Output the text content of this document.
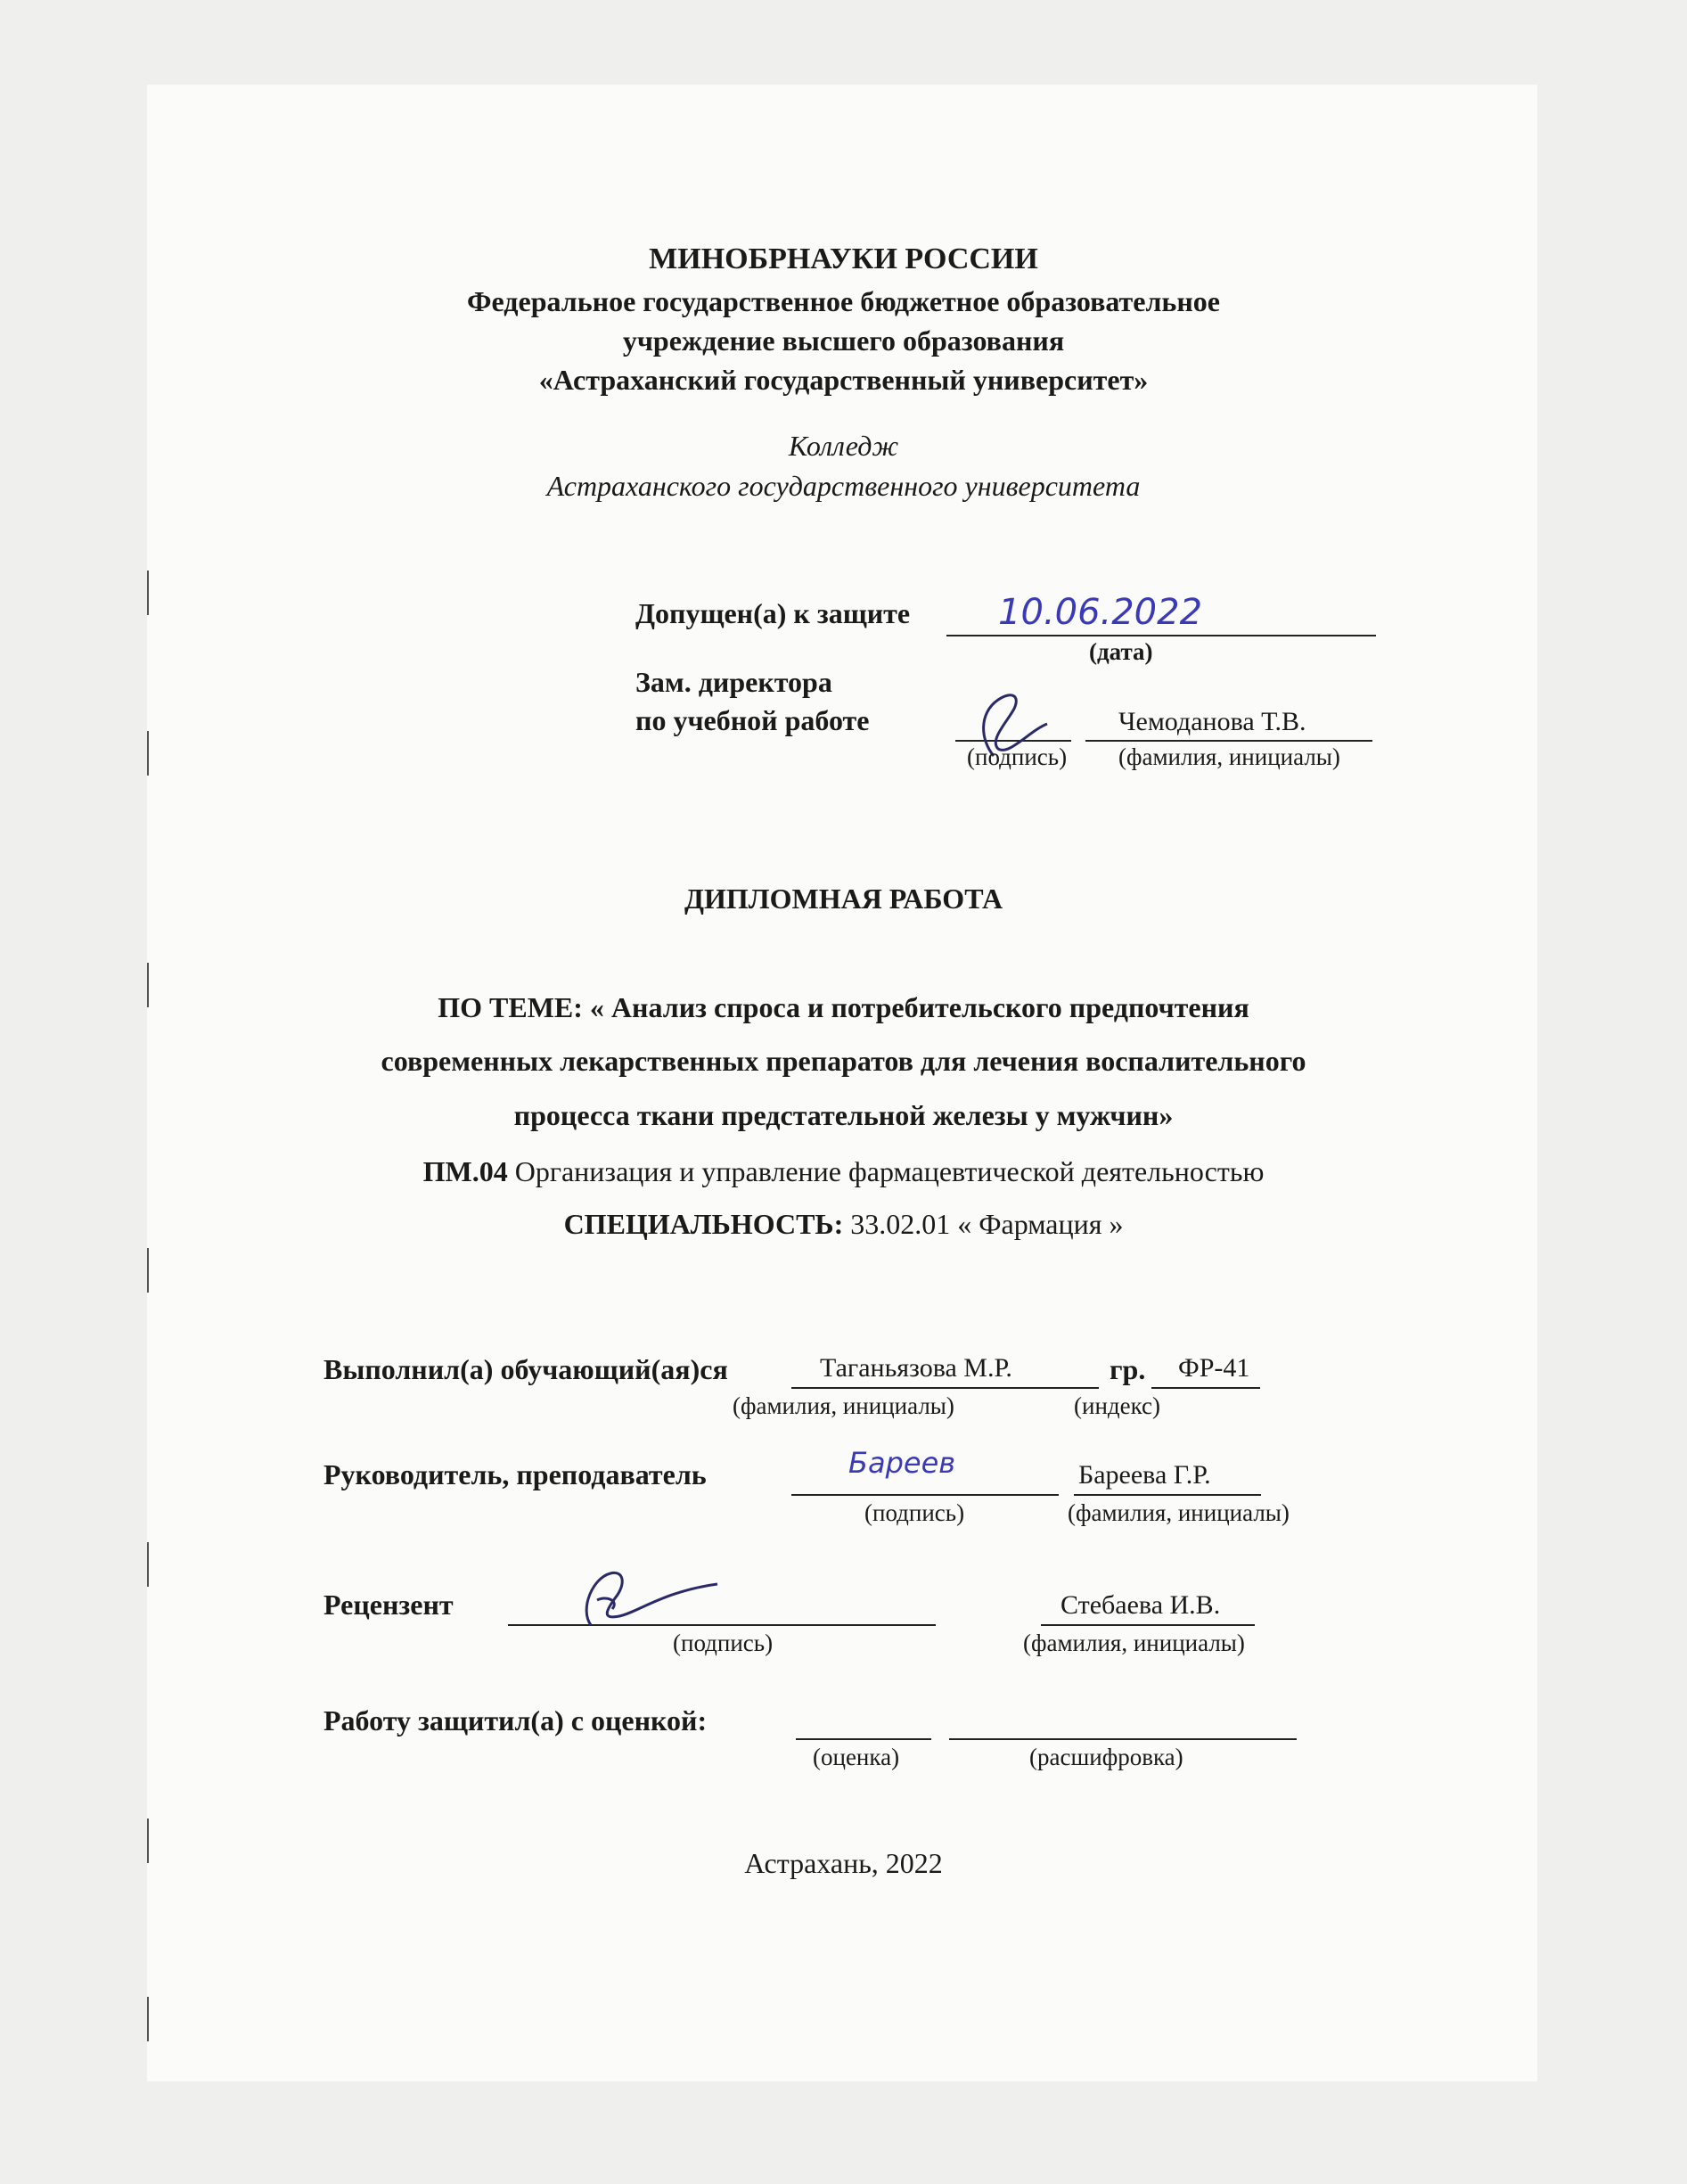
МИНОБРНАУКИ РОССИИ
Федеральное государственное бюджетное образовательное
учреждение высшего образования
«Астраханский государственный университет»
Колледж
Астраханского государственного университета
Допущен(а) к защите 10.06.2022
(дата)
Зам. директора
по учебной работе	Чемоданова Т.В.
(подпись) (фамилия, инициалы)
ДИПЛОМНАЯ РАБОТА
ПО ТЕМЕ: « Анализ спроса и потребительского предпочтения
современных лекарственных препаратов для лечения воспалительного
процесса ткани предстательной железы у мужчин»
ПМ.04 Организация и управление фармацевтической деятельностью
СПЕЦИАЛЬНОСТЬ: 33.02.01 « Фармация »
Выполнил(а) обучающий(ая)ся	Таганьязова М.Р.	гр. ФР-41
(фамилия, инициалы)	(индекс)
Руководитель, преподаватель	Бареев	Бареева Г.Р.
(подпись)	(фамилия, инициалы)
Рецензент	Стебаева И.В.
(подпись)	(фамилия, инициалы)
Работу защитил(а) с оценкой:
(оценка)	(расшифровка)
Астрахань, 2022
